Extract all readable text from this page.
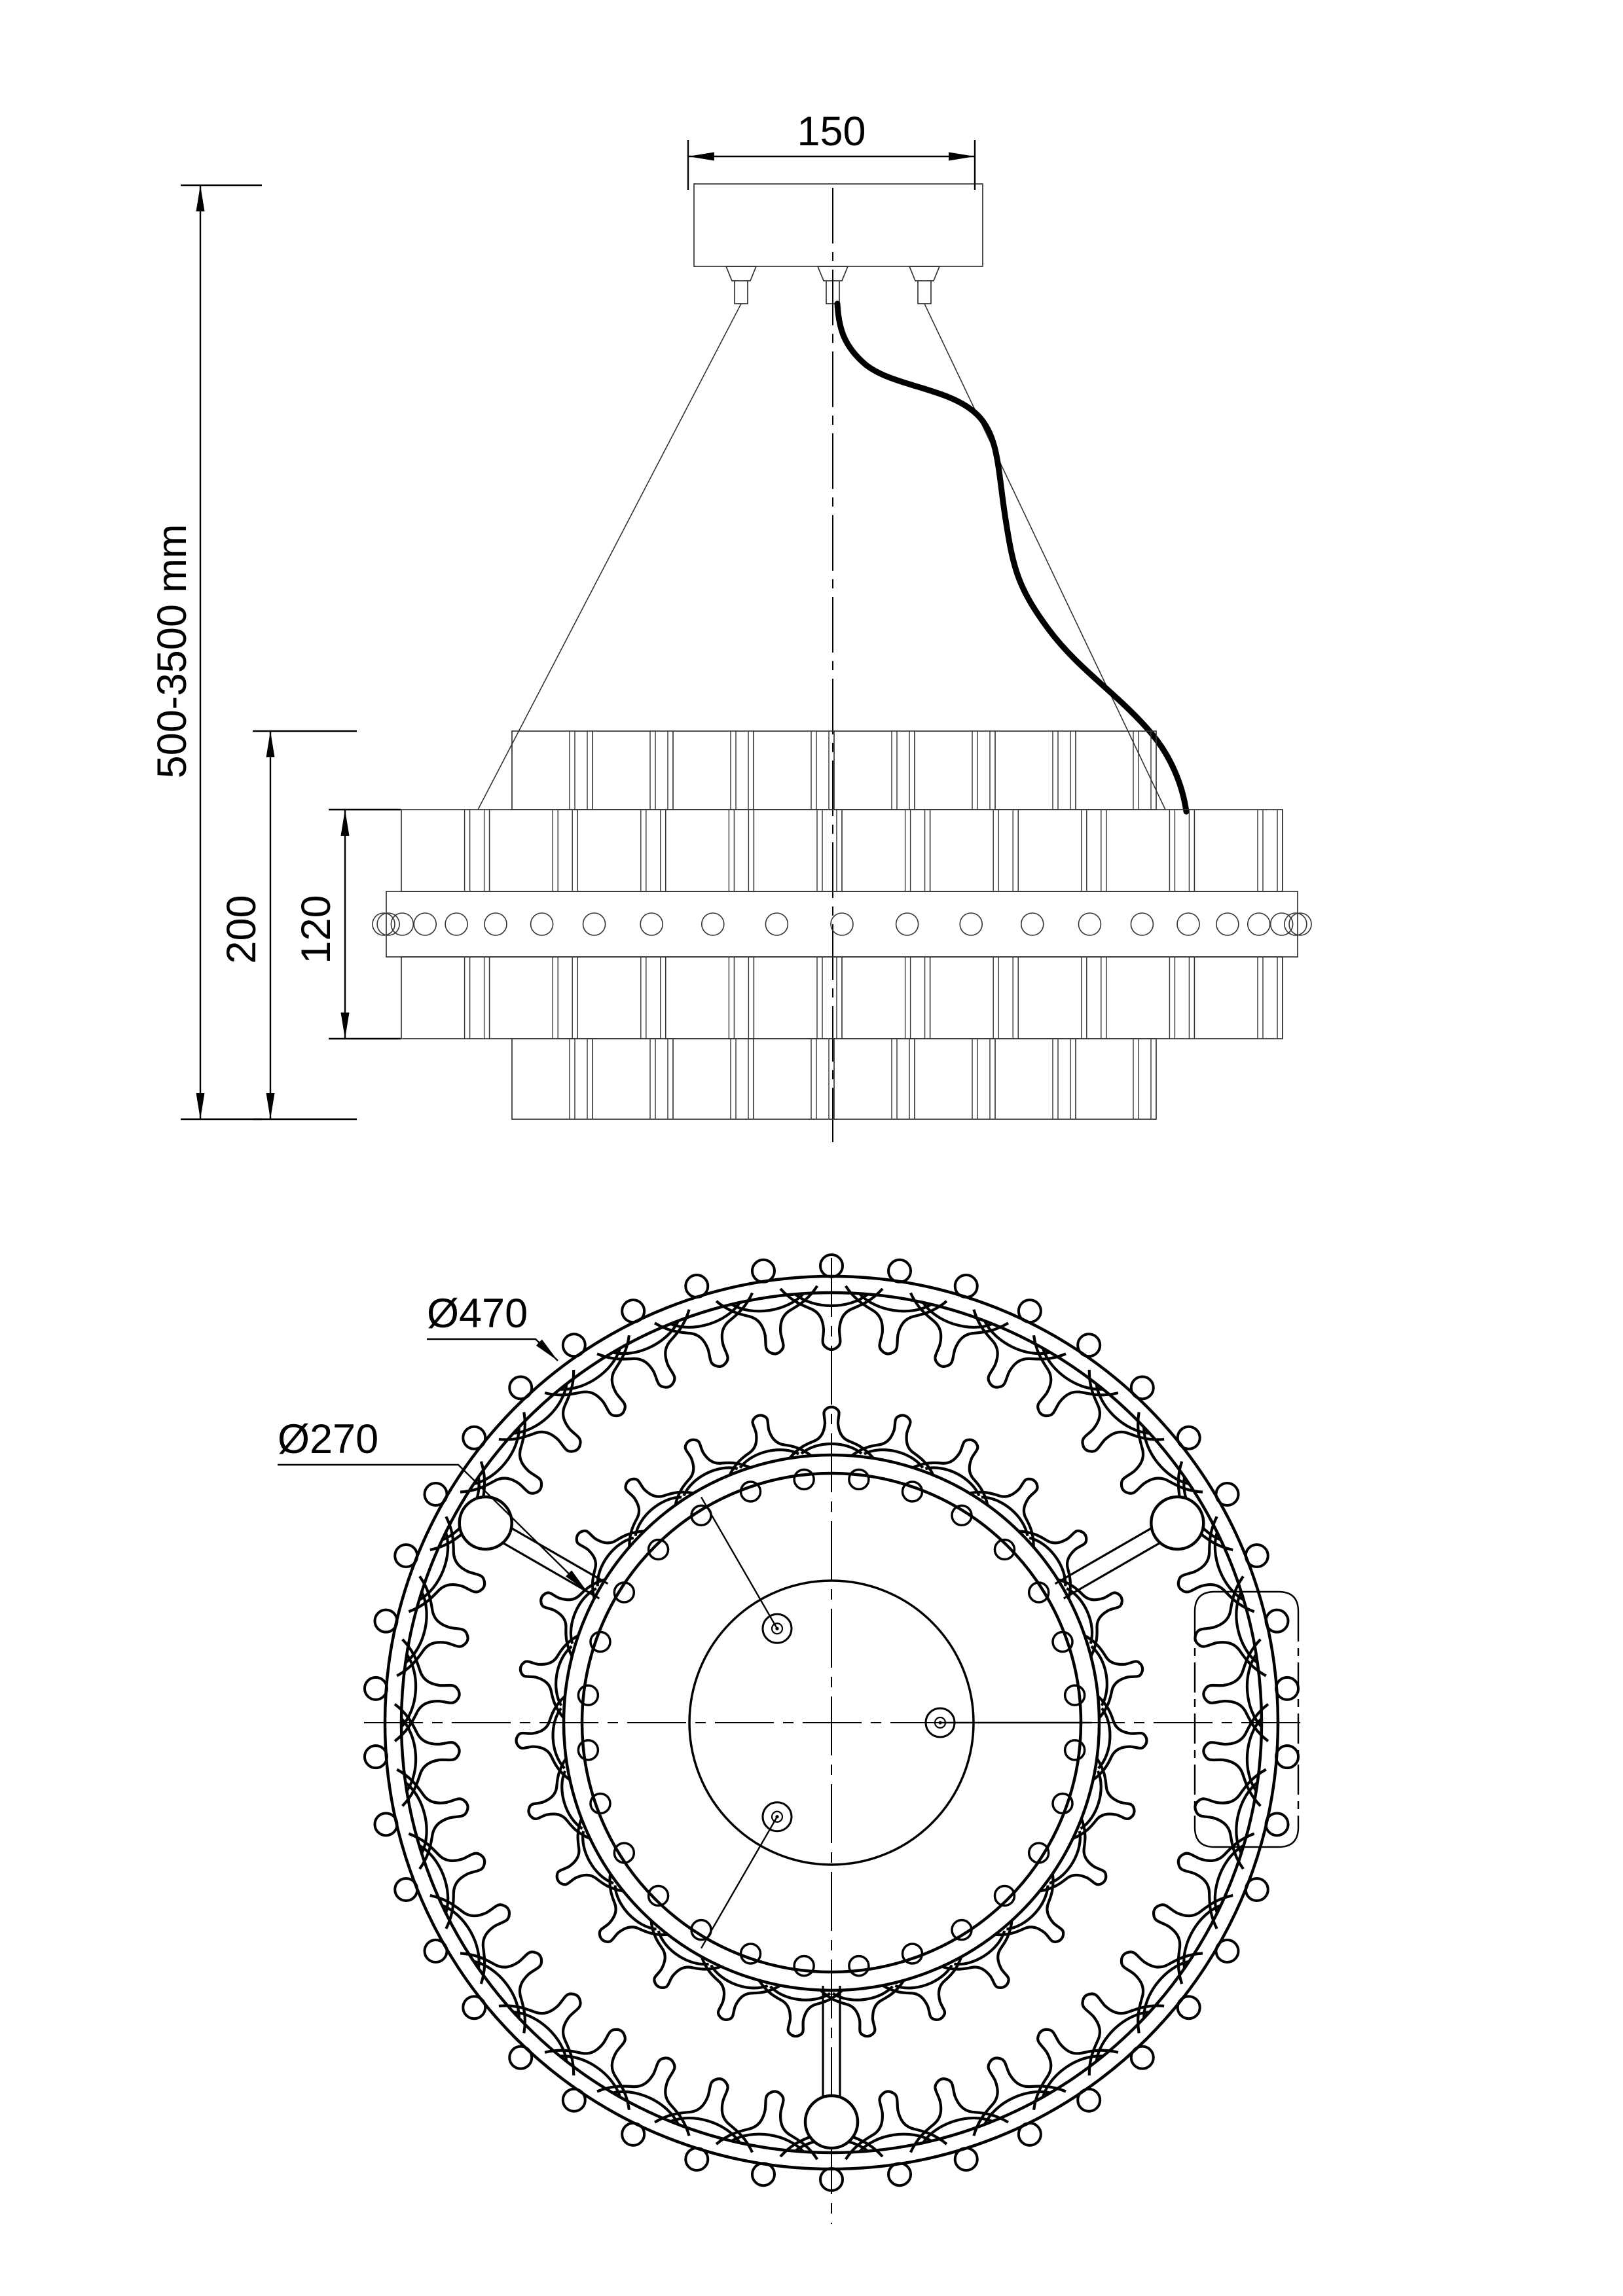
150
500-3500 mm
200 120
Ø470
Ø270
